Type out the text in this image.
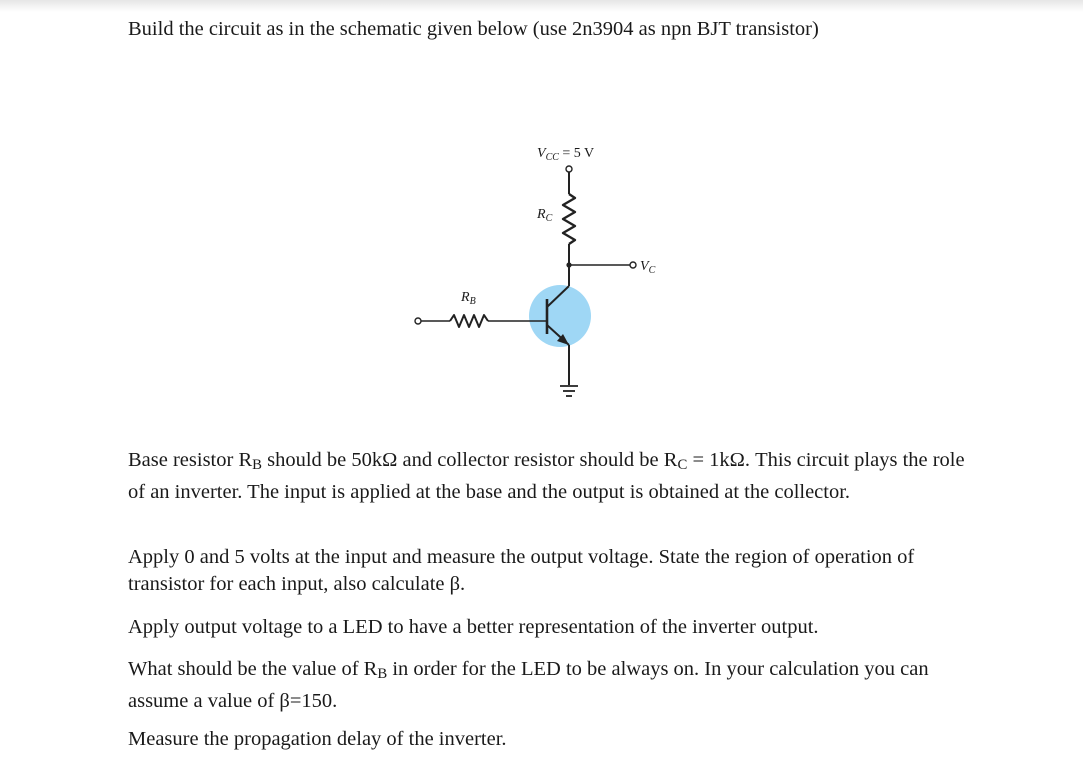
Build the circuit as in the schematic given below (use 2n3904 as npn BJT transistor)

$V_{CC} = 5$ V
$R_C$
$V_C$
$R_B$

Base resistor $R_B$ should be 50kΩ and collector resistor should be $R_C = 1k\Omega$. This circuit plays the role of an inverter. The input is applied at the base and the output is obtained at the collector.

Apply 0 and 5 volts at the input and measure the output voltage. State the region of operation of transistor for each input, also calculate β.

Apply output voltage to a LED to have a better representation of the inverter output.

What should be the value of $R_B$ in order for the LED to be always on. In your calculation you can assume a value of β=150.

Measure the propagation delay of the inverter.
